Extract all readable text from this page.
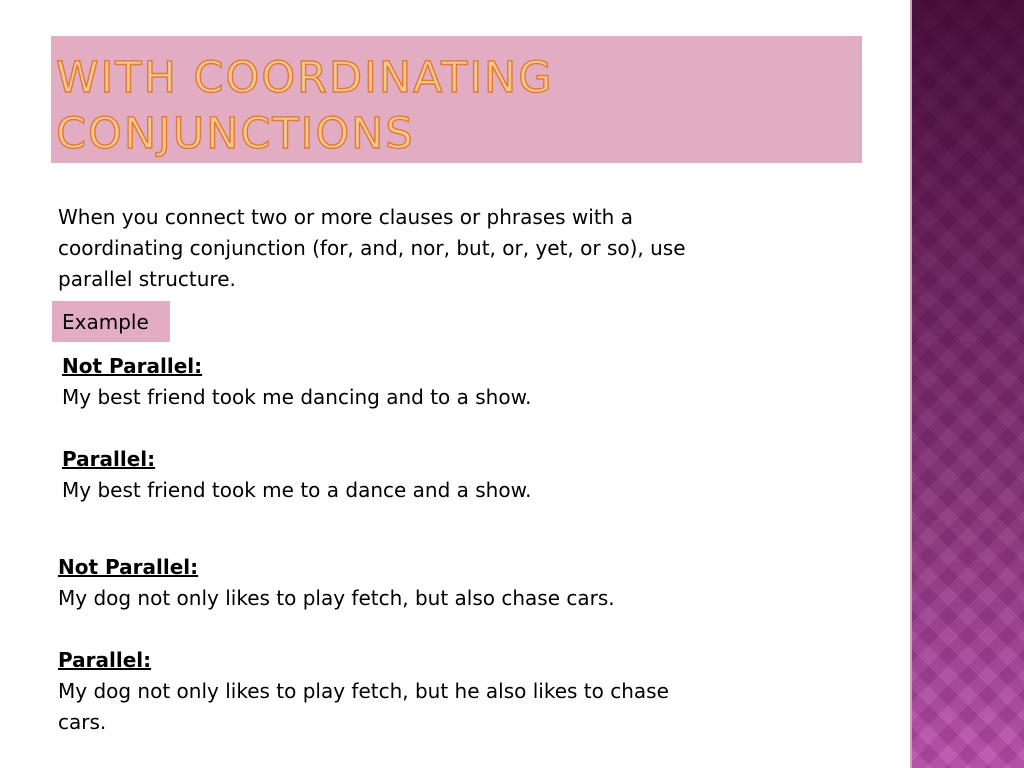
WITH COORDINATING
CONJUNCTIONS

When you connect two or more clauses or phrases with a coordinating conjunction (for, and, nor, but, or, yet, or so), use parallel structure.

Example

Not Parallel:
My best friend took me dancing and to a show.
Parallel:
My best friend took me to a dance and a show.
Not Parallel:
My dog not only likes to play fetch, but also chase cars.
Parallel:
My dog not only likes to play fetch, but he also likes to chase cars.
